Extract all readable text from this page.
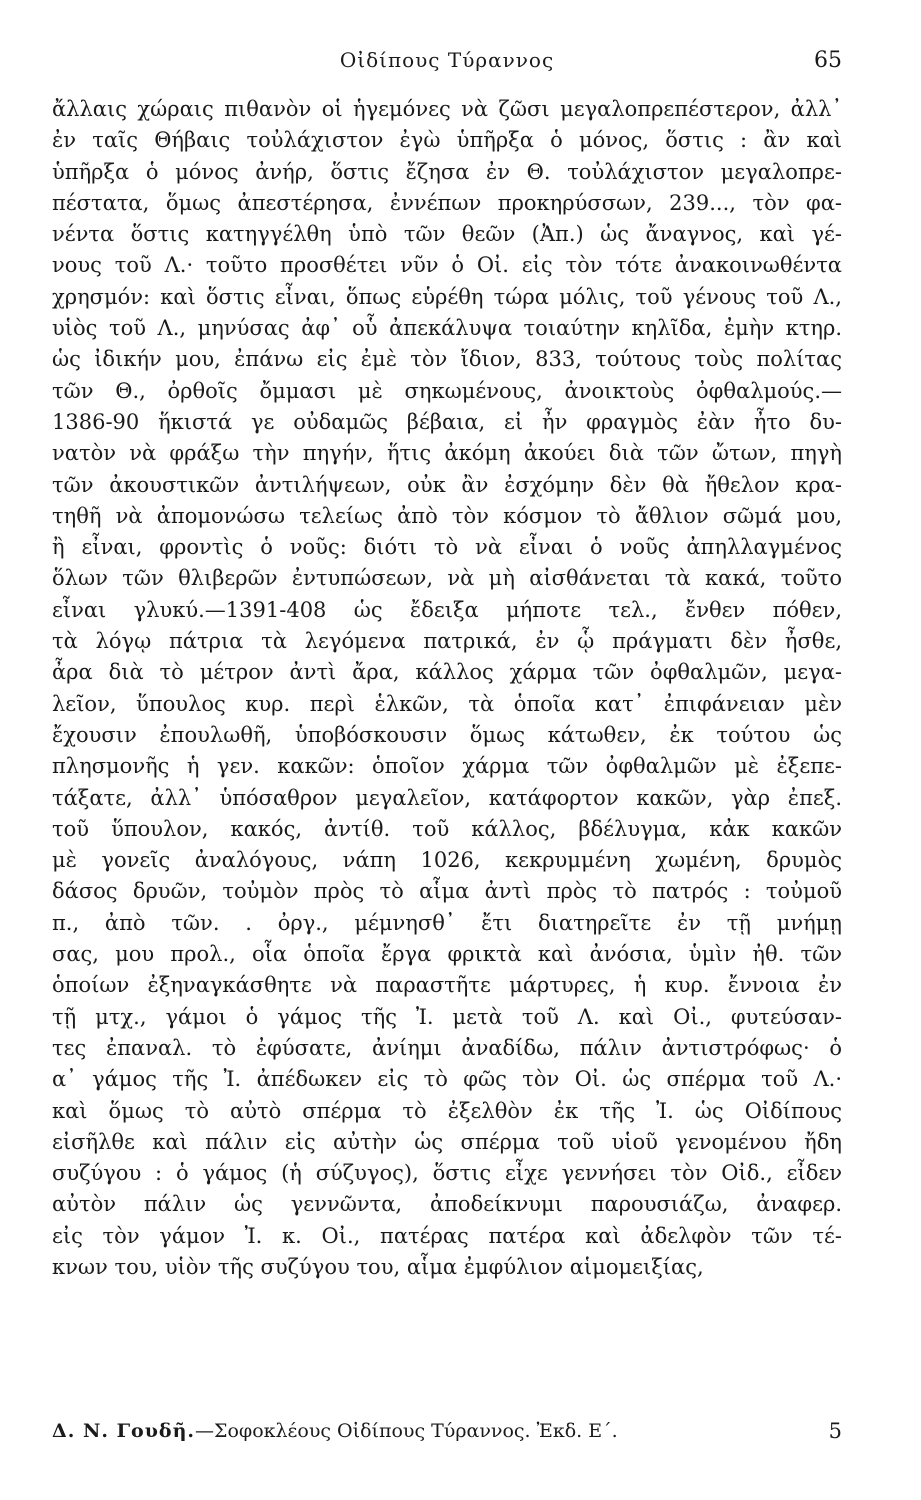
Οἰδίπους Τύραννος	65
ἄλλαις χώραις πιθανὸν οἱ ἡγεμόνες νὰ ζῶσι μεγαλοπρεπέστερον, ἀλλ᾽
ἐν ταῖς Θήβαις τοὐλάχιστον ἐγὼ ὑπῆρξα ὁ μόνος, ὅστις : ἂν καὶ
ὑπῆρξα ὁ μόνος ἀνήρ, ὅστις ἔζησα ἐν Θ. τοὐλάχιστον μεγαλοπρε-
πέστατα, ὅμως ἀπεστέρησα, ἐννέπων προκηρύσσων, 239..., τὸν φα-
νέντα ὅστις κατηγγέλθη ὑπὸ τῶν θεῶν (Ἀπ.) ὡς ἄναγνος, καὶ γέ-
νους τοῦ Λ.· τοῦτο προσθέτει νῦν ὁ Οἰ. εἰς τὸν τότε ἀνακοινωθέντα
χρησμόν: καὶ ὅστις εἶναι, ὅπως εὑρέθη τώρα μόλις, τοῦ γένους τοῦ Λ.,
υἱὸς τοῦ Λ., μηνύσας ἀφ᾽ οὗ ἀπεκάλυψα τοιαύτην κηλῖδα, ἐμὴν κτηρ.
ὡς ἰδικήν μου, ἐπάνω εἰς ἐμὲ τὸν ἴδιον, 833, τούτους τοὺς πολίτας
τῶν Θ., ὀρθοῖς ὄμμασι μὲ σηκωμένους, ἀνοικτοὺς ὀφθαλμούς.—
1386-90 ἥκιστά γε οὐδαμῶς βέβαια, εἰ ἦν φραγμὸς ἐὰν ἦτο δυ-
νατὸν νὰ φράξω τὴν πηγήν, ἥτις ἀκόμη ἀκούει διὰ τῶν ὤτων, πηγὴ
τῶν ἀκουστικῶν ἀντιλήψεων, οὐκ ἂν ἐσχόμην δὲν θὰ ἤθελον κρα-
τηθῆ νὰ ἀπομονώσω τελείως ἀπὸ τὸν κόσμον τὸ ἄθλιον σῶμά μου,
ἢ εἶναι, φροντὶς ὁ νοῦς: διότι τὸ νὰ εἶναι ὁ νοῦς ἀπηλλαγμένος
ὅλων τῶν θλιβερῶν ἐντυπώσεων, νὰ μὴ αἰσθάνεται τὰ κακά, τοῦτο
εἶναι γλυκύ.—1391-408 ὡς ἔδειξα μήποτε τελ., ἔνθεν πόθεν,
τὰ λόγῳ πάτρια τὰ λεγόμενα πατρικά, ἐν ᾧ πράγματι δὲν ἦσθε,
ἆρα διὰ τὸ μέτρον ἀντὶ ἄρα, κάλλος χάρμα τῶν ὀφθαλμῶν, μεγα-
λεῖον, ὕπουλος κυρ. περὶ ἑλκῶν, τὰ ὁποῖα κατ᾽ ἐπιφάνειαν μὲν
ἔχουσιν ἐπουλωθῆ, ὑποβόσκουσιν ὅμως κάτωθεν, ἐκ τούτου ὡς
πλησμονῆς ἡ γεν. κακῶν: ὁποῖον χάρμα τῶν ὀφθαλμῶν μὲ ἐξεπε-
τάξατε, ἀλλ᾽ ὑπόσαθρον μεγαλεῖον, κατάφορτον κακῶν, γὰρ ἐπεξ.
τοῦ ὕπουλον, κακός, ἀντίθ. τοῦ κάλλος, βδέλυγμα, κἀκ κακῶν
μὲ γονεῖς ἀναλόγους, νάπη 1026, κεκρυμμένη χωμένη, δρυμὸς
δάσος δρυῶν, τοὐμὸν πρὸς τὸ αἷμα ἀντὶ πρὸς τὸ πατρός : τοὐμοῦ
π., ἀπὸ τῶν. . ὀργ., μέμνησθ᾽ ἔτι διατηρεῖτε ἐν τῇ μνήμῃ
σας, μου προλ., οἷα ὁποῖα ἔργα φρικτὰ καὶ ἀνόσια, ὑμὶν ἠθ. τῶν
ὁποίων ἐξηναγκάσθητε νὰ παραστῆτε μάρτυρες, ἡ κυρ. ἔννοια ἐν
τῇ μτχ., γάμοι ὁ γάμος τῆς Ἰ. μετὰ τοῦ Λ. καὶ Οἰ., φυτεύσαν-
τες ἐπαναλ. τὸ ἐφύσατε, ἀνίημι ἀναδίδω, πάλιν ἀντιστρόφως· ὁ
α᾽ γάμος τῆς Ἰ. ἀπέδωκεν εἰς τὸ φῶς τὸν Οἰ. ὡς σπέρμα τοῦ Λ.·
καὶ ὅμως τὸ αὐτὸ σπέρμα τὸ ἐξελθὸν ἐκ τῆς Ἰ. ὡς Οἰδίπους
εἰσῆλθε καὶ πάλιν εἰς αὐτὴν ὡς σπέρμα τοῦ υἱοῦ γενομένου ἤδη
συζύγου : ὁ γάμος (ἡ σύζυγος), ὅστις εἶχε γεννήσει τὸν Οἰδ., εἶδεν
αὐτὸν πάλιν ὡς γεννῶντα, ἀποδείκνυμι παρουσιάζω, ἀναφερ.
εἰς τὸν γάμον Ἰ. κ. Οἰ., πατέρας πατέρα καὶ ἀδελφὸν τῶν τέ-
κνων του, υἱὸν τῆς συζύγου του, αἷμα ἐμφύλιον αἱμομειξίας,
Δ. Ν. Γουδῆ.—Σοφοκλέους Οἰδίπους Τύραννος. Ἐκδ. Ε΄.	5
